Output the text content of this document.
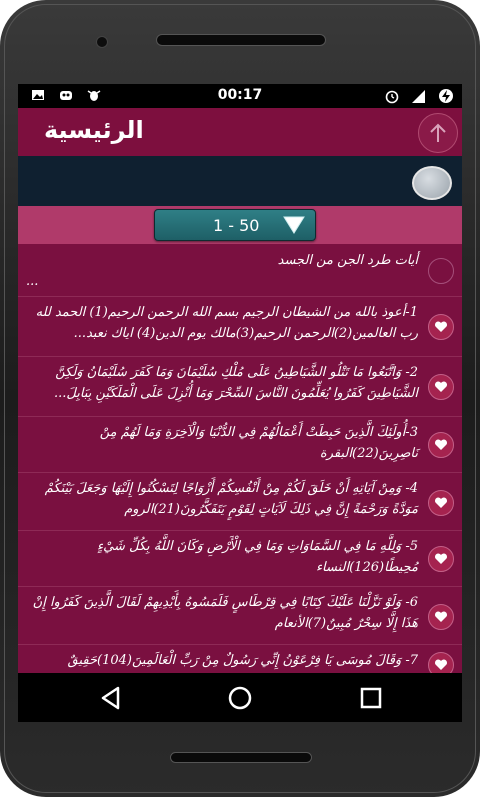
00:17
الرئيسية
1 - 50
أيات طرد الجن من الجسد
...
1-أعوذ بالله من الشيطان الرجيم بسم الله الرحمن الرحيم(1) الحمد لله رب العالمين(2)الرحمن الرحيم(3)مالك يوم الدين(4) اياك نعبد...
2- وَاتَّبَعُوا مَا تَتْلُو الشَّيَاطِينُ عَلَى مُلْكِ سُلَيْمَانَ وَمَا كَفَرَ سُلَيْمَانُ وَلَكِنَّ الشَّيَاطِينَ كَفَرُوا يُعَلِّمُونَ النَّاسَ السِّحْرَ وَمَا أُنْزِلَ عَلَى الْمَلَكَيْنِ بِبَابِلَ...
3-أُولَئِكَ الَّذِينَ حَبِطَتْ أَعْمَالُهُمْ فِي الدُّنْيَا وَالْآخِرَةِ وَمَا لَهُمْ مِنْ نَاصِرِينَ(22)البقرة
4- وَمِنْ آيَاتِهِ أَنْ خَلَقَ لَكُمْ مِنْ أَنْفُسِكُمْ أَزْوَاجًا لِتَسْكُنُوا إِلَيْهَا وَجَعَلَ بَيْنَكُمْ مَوَدَّةً وَرَحْمَةً إِنَّ فِي ذَلِكَ لَآيَاتٍ لِقَوْمٍ يَتَفَكَّرُونَ(21)الروم
5- وَلِلَّهِ مَا فِي السَّمَاوَاتِ وَمَا فِي الْأَرْضِ وَكَانَ اللَّهُ بِكُلِّ شَيْءٍ مُحِيطًا(126)النساء
6- وَلَوْ نَزَّلْنَا عَلَيْكَ كِتَابًا فِي قِرْطَاسٍ فَلَمَسُوهُ بِأَيْدِيهِمْ لَقَالَ الَّذِينَ كَفَرُوا إِنْ هَذَا إِلَّا سِحْرٌ مُبِينٌ(7)الأنعام
7- وَقَالَ مُوسَى يَا فِرْعَوْنُ إِنِّي رَسُولٌ مِنْ رَبِّ الْعَالَمِينَ(104)حَقِيقٌ
